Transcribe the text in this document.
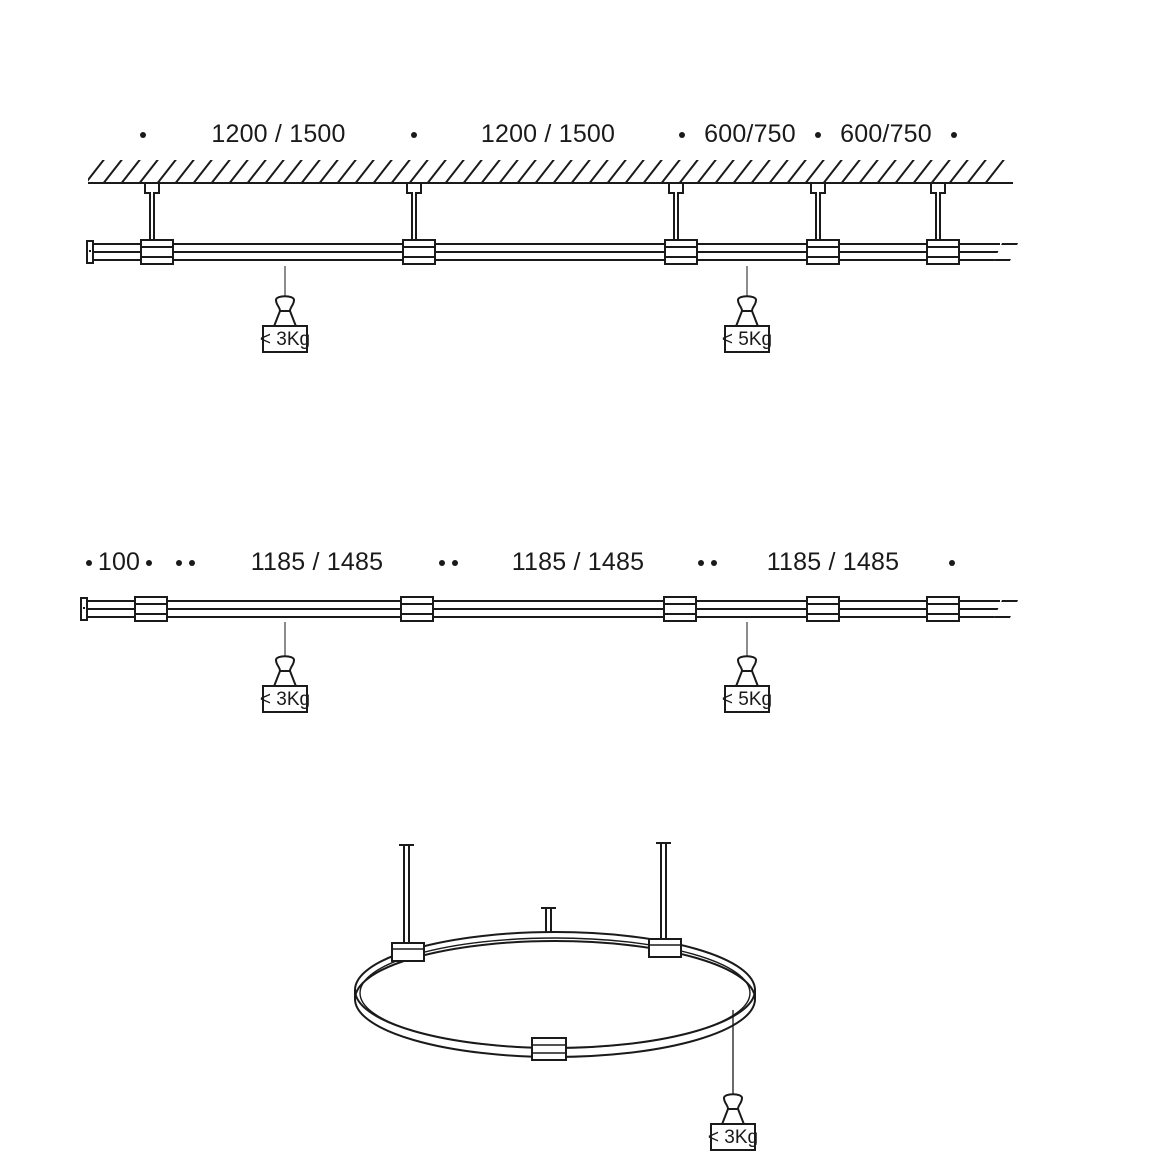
1200 / 1500	1200 / 1500	600/750	600/750
< 3Kg	< 5Kg
100	1185 / 1485	1185 / 1485	1185 / 1485
< 3Kg	< 5Kg
< 3Kg
